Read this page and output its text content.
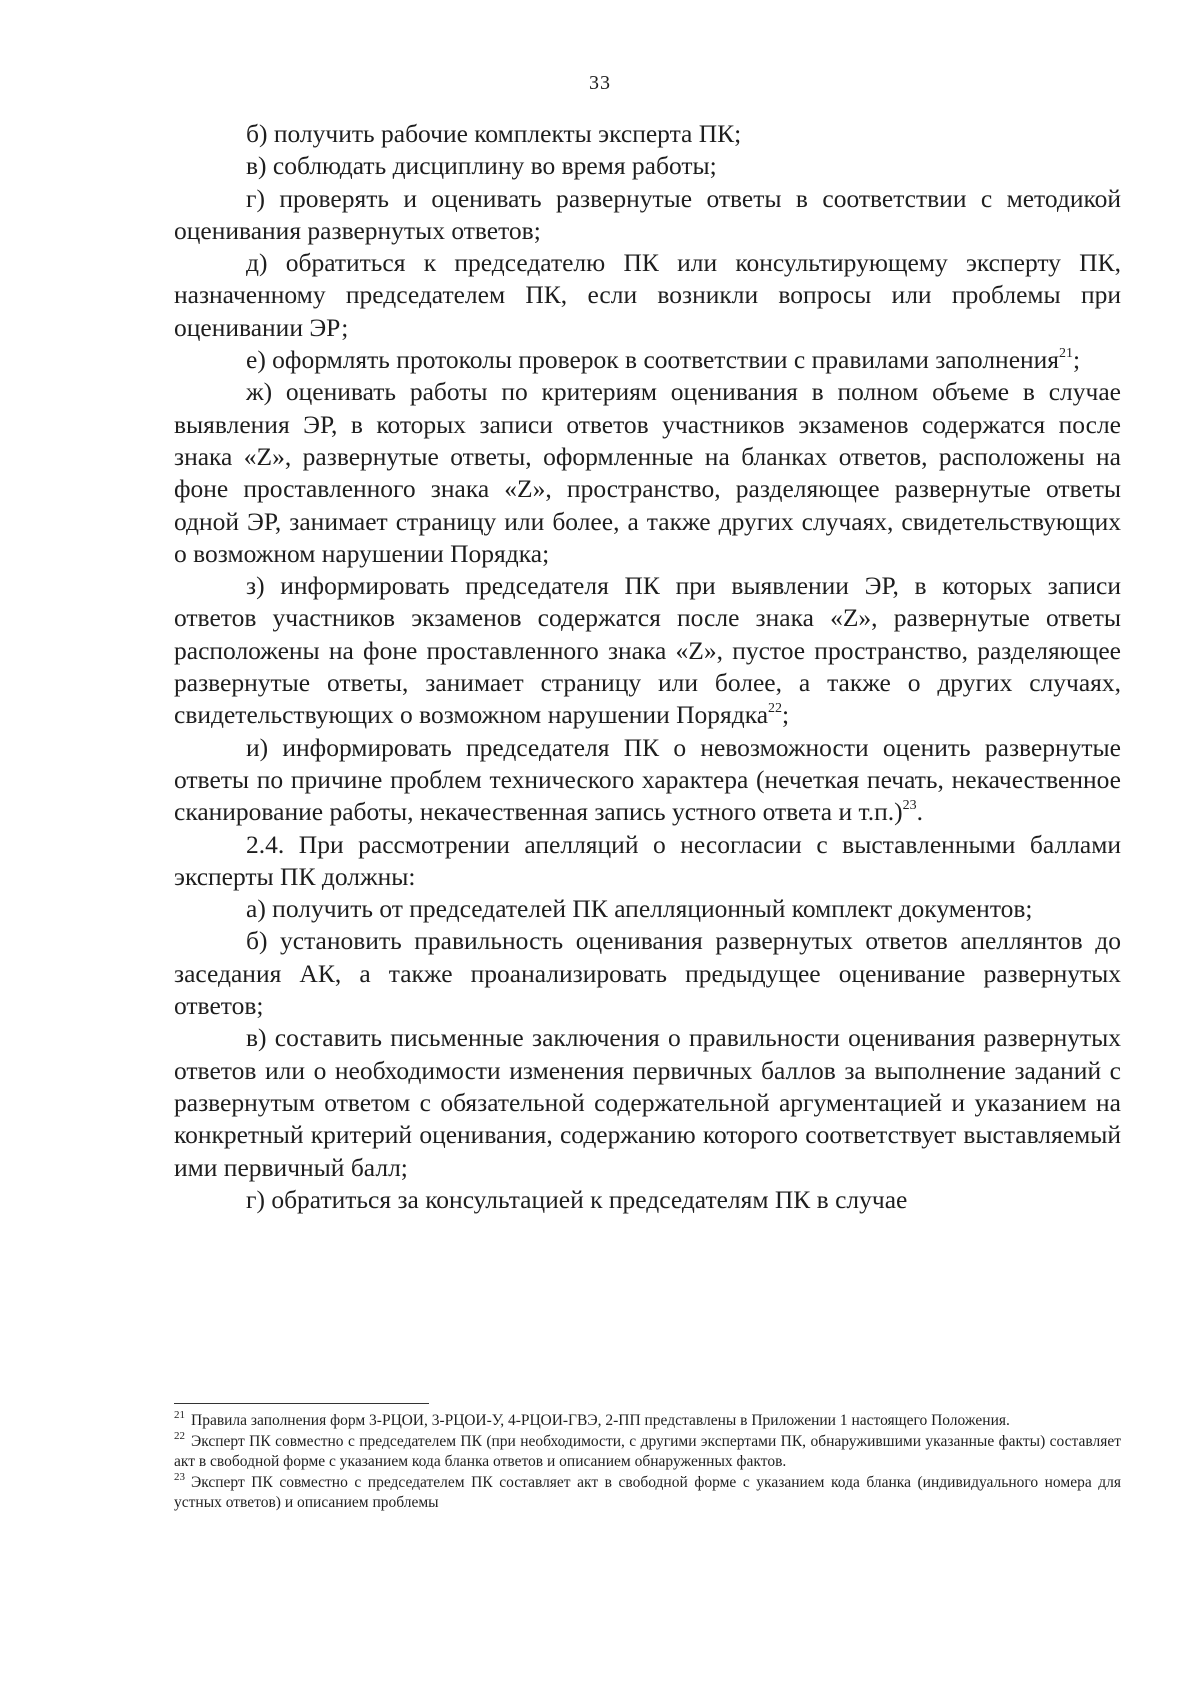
33

б) получить рабочие комплекты эксперта ПК;

в) соблюдать дисциплину во время работы;

г) проверять и оценивать развернутые ответы в соответствии с методикой оценивания развернутых ответов;

д) обратиться к председателю ПК или консультирующему эксперту ПК, назначенному председателем ПК, если возникли вопросы или проблемы при оценивании ЭР;

е) оформлять протоколы проверок в соответствии с правилами заполнения$^{21}$;

ж) оценивать работы по критериям оценивания в полном объеме в случае выявления ЭР, в которых записи ответов участников экзаменов содержатся после знака «Z», развернутые ответы, оформленные на бланках ответов, расположены на фоне проставленного знака «Z», пространство, разделяющее развернутые ответы одной ЭР, занимает страницу или более, а также других случаях, свидетельствующих о возможном нарушении Порядка;

з) информировать председателя ПК при выявлении ЭР, в которых записи ответов участников экзаменов содержатся после знака «Z», развернутые ответы расположены на фоне проставленного знака «Z», пустое пространство, разделяющее развернутые ответы, занимает страницу или более, а также о других случаях, свидетельствующих о возможном нарушении Порядка$^{22}$;

и) информировать председателя ПК о невозможности оценить развернутые ответы по причине проблем технического характера (нечеткая печать, некачественное сканирование работы, некачественная запись устного ответа и т.п.)$^{23}$.

2.4. При рассмотрении апелляций о несогласии с выставленными баллами эксперты ПК должны:

а) получить от председателей ПК апелляционный комплект документов;

б) установить правильность оценивания развернутых ответов апеллянтов до заседания АК, а также проанализировать предыдущее оценивание развернутых ответов;

в) составить письменные заключения о правильности оценивания развернутых ответов или о необходимости изменения первичных баллов за выполнение заданий с развернутым ответом с обязательной содержательной аргументацией и указанием на конкретный критерий оценивания, содержанию которого соответствует выставляемый ими первичный балл;

г) обратиться за консультацией к председателям ПК в случае

$^{21}$ Правила заполнения форм 3-РЦОИ, 3-РЦОИ-У, 4-РЦОИ-ГВЭ, 2-ПП представлены в Приложении 1 настоящего Положения.

$^{22}$ Эксперт ПК совместно с председателем ПК (при необходимости, с другими экспертами ПК, обнаружившими указанные факты) составляет акт в свободной форме с указанием кода бланка ответов и описанием обнаруженных фактов.

$^{23}$ Эксперт ПК совместно с председателем ПК составляет акт в свободной форме с указанием кода бланка (индивидуального номера для устных ответов) и описанием проблемы
